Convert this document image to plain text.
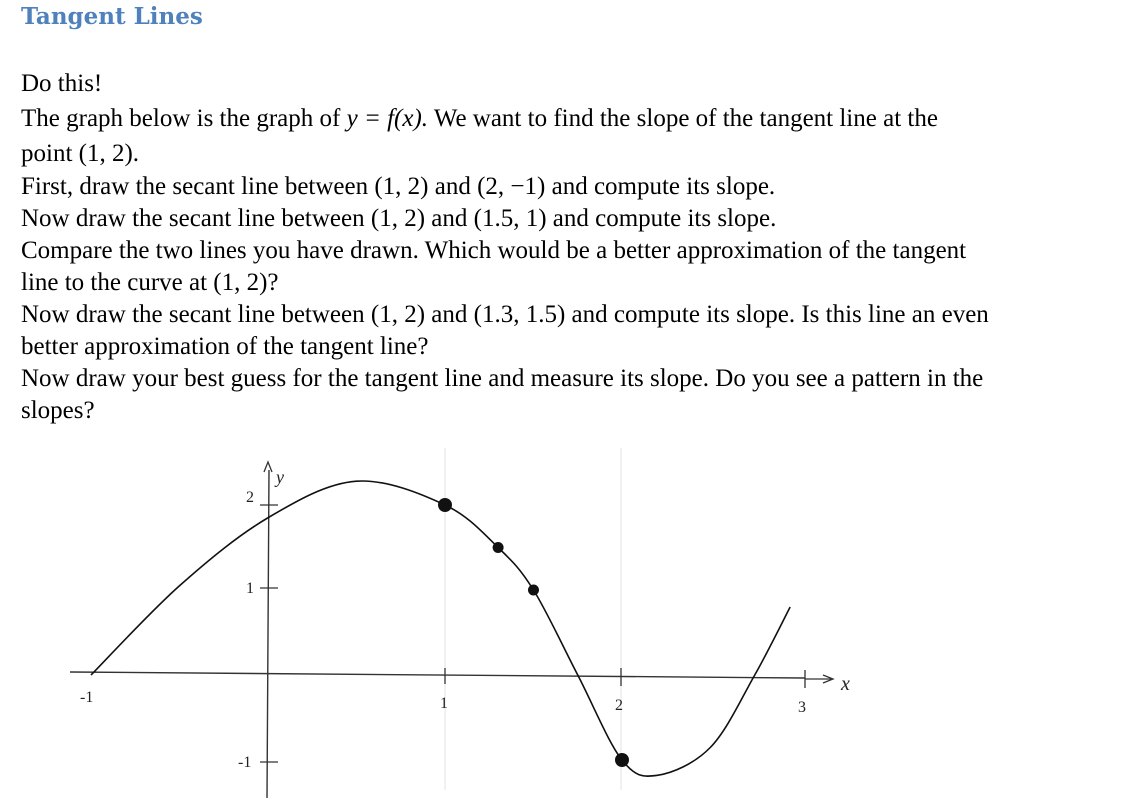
Tangent Lines

Do this!

The graph below is the graph of y = f(x). We want to find the slope of the tangent line at the

point (1, 2).

First, draw the secant line between (1, 2) and (2, −1) and compute its slope.

Now draw the secant line between (1, 2) and (1.5, 1) and compute its slope.

Compare the two lines you have drawn. Which would be a better approximation of the tangent

line to the curve at (1, 2)?

Now draw the secant line between (1, 2) and (1.3, 1.5) and compute its slope. Is this line an even

better approximation of the tangent line?

Now draw your best guess for the tangent line and measure its slope. Do you see a pattern in the

slopes?

-1	1	2	3
2
1
-1
y
x
